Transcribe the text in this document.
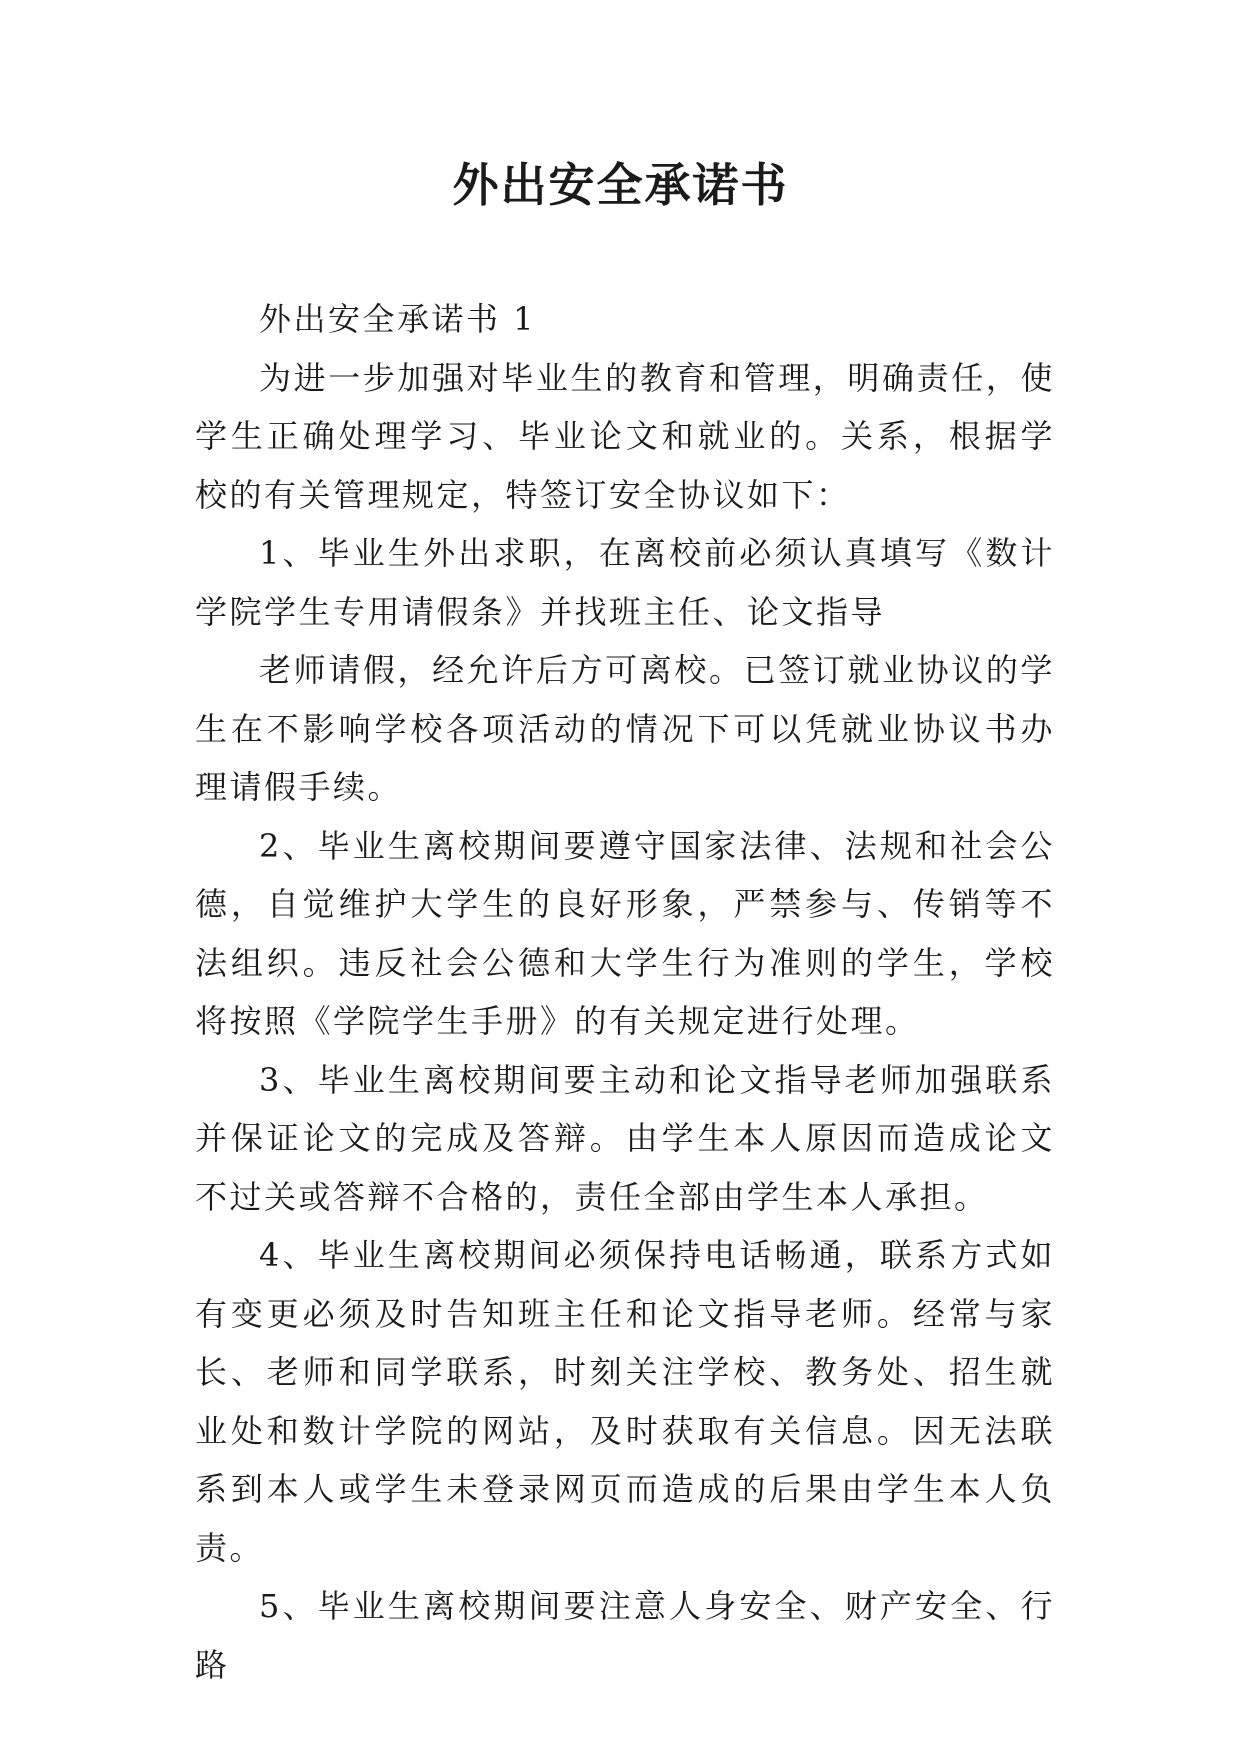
外出安全承诺书

外出安全承诺书 1

为进一步加强对毕业生的教育和管理，明确责任，使学生正确处理学习、毕业论文和就业的。关系，根据学校的有关管理规定，特签订安全协议如下：

1、毕业生外出求职，在离校前必须认真填写《数计学院学生专用请假条》并找班主任、论文指导

老师请假，经允许后方可离校。已签订就业协议的学生在不影响学校各项活动的情况下可以凭就业协议书办理请假手续。

2、毕业生离校期间要遵守国家法律、法规和社会公德，自觉维护大学生的良好形象，严禁参与、传销等不法组织。违反社会公德和大学生行为准则的学生，学校将按照《学院学生手册》的有关规定进行处理。

3、毕业生离校期间要主动和论文指导老师加强联系并保证论文的完成及答辩。由学生本人原因而造成论文不过关或答辩不合格的，责任全部由学生本人承担。

4、毕业生离校期间必须保持电话畅通，联系方式如有变更必须及时告知班主任和论文指导老师。经常与家长、老师和同学联系，时刻关注学校、教务处、招生就业处和数计学院的网站，及时获取有关信息。因无法联系到本人或学生未登录网页而造成的后果由学生本人负责。

5、毕业生离校期间要注意人身安全、财产安全、行路
